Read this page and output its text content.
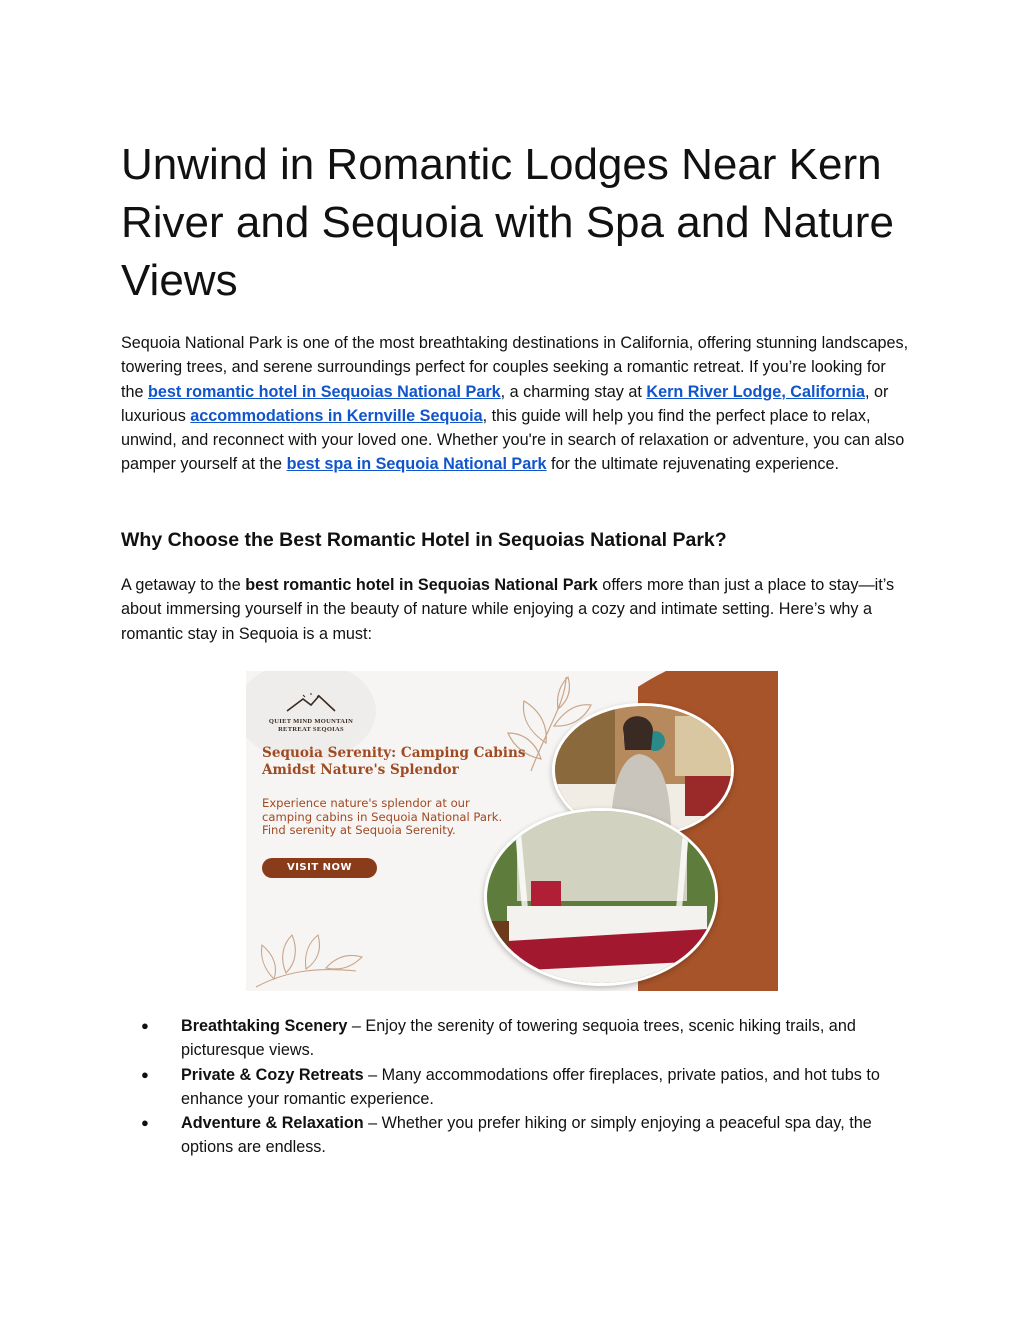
Unwind in Romantic Lodges Near Kern River and Sequoia with Spa and Nature Views

Sequoia National Park is one of the most breathtaking destinations in California, offering stunning landscapes, towering trees, and serene surroundings perfect for couples seeking a romantic retreat. If you’re looking for the best romantic hotel in Sequoias National Park, a charming stay at Kern River Lodge, California, or luxurious accommodations in Kernville Sequoia, this guide will help you find the perfect place to relax, unwind, and reconnect with your loved one. Whether you're in search of relaxation or adventure, you can also pamper yourself at the best spa in Sequoia National Park for the ultimate rejuvenating experience.

Why Choose the Best Romantic Hotel in Sequoias National Park?

A getaway to the best romantic hotel in Sequoias National Park offers more than just a place to stay—it’s about immersing yourself in the beauty of nature while enjoying a cozy and intimate setting. Here’s why a romantic stay in Sequoia is a must:

QUIET MIND MOUNTAIN
RETREAT SEQOIAS

Sequoia Serenity: Camping Cabins Amidst Nature's Splendor

Experience nature's splendor at our camping cabins in Sequoia National Park. Find serenity at Sequoia Serenity.

VISIT NOW
● Breathtaking Scenery – Enjoy the serenity of towering sequoia trees, scenic hiking trails, and picturesque views.
● Private & Cozy Retreats – Many accommodations offer fireplaces, private patios, and hot tubs to enhance your romantic experience.
● Adventure & Relaxation – Whether you prefer hiking or simply enjoying a peaceful spa day, the options are endless.
